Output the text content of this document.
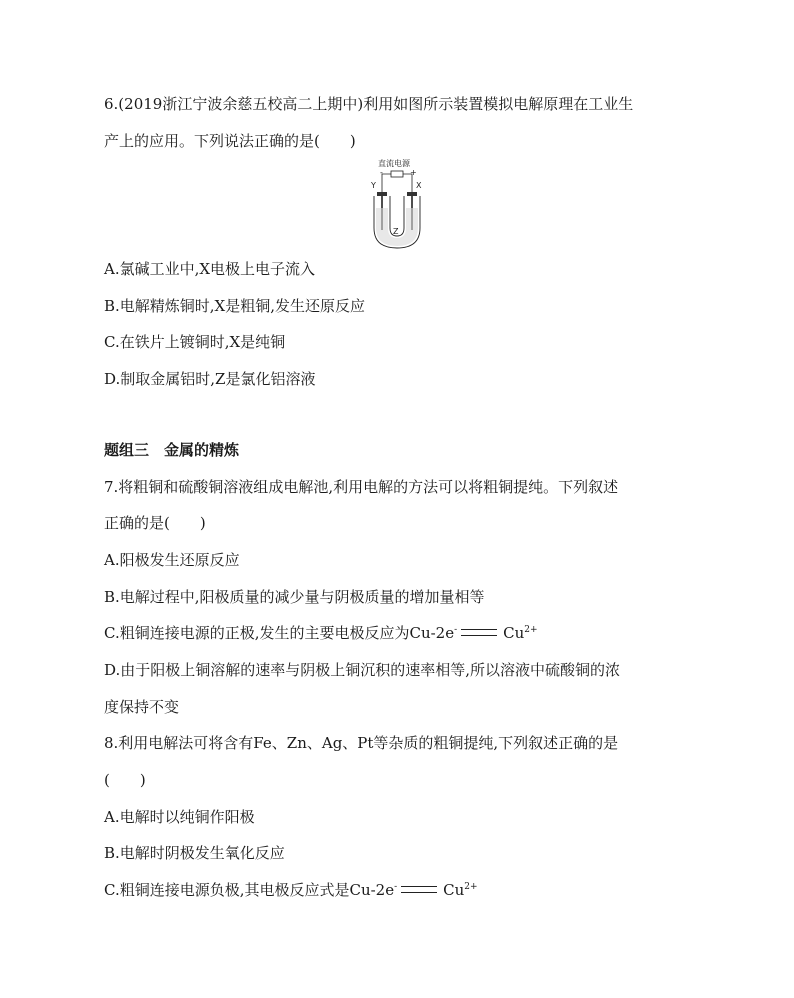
6.(2019浙江宁波余慈五校高二上期中)利用如图所示装置模拟电解原理在工业生
产上的应用。下列说法正确的是(　　)
直流电源
-	+
Y	X
Z
A.氯碱工业中,X电极上电子流入
B.电解精炼铜时,X是粗铜,发生还原反应
C.在铁片上镀铜时,X是纯铜
D.制取金属铝时,Z是氯化铝溶液
题组三　金属的精炼
7.将粗铜和硫酸铜溶液组成电解池,利用电解的方法可以将粗铜提纯。下列叙述
正确的是(　　)
A.阳极发生还原反应
B.电解过程中,阳极质量的减少量与阴极质量的增加量相等
C.粗铜连接电源的正极,发生的主要电极反应为Cu-2e-	$Cu^{2+}$
D.由于阳极上铜溶解的速率与阴极上铜沉积的速率相等,所以溶液中硫酸铜的浓
度保持不变
8.利用电解法可将含有Fe、Zn、Ag、Pt等杂质的粗铜提纯,下列叙述正确的是
(　　)
A.电解时以纯铜作阳极
B.电解时阴极发生氧化反应
C.粗铜连接电源负极,其电极反应式是Cu-2e-	$Cu^{2+}$
